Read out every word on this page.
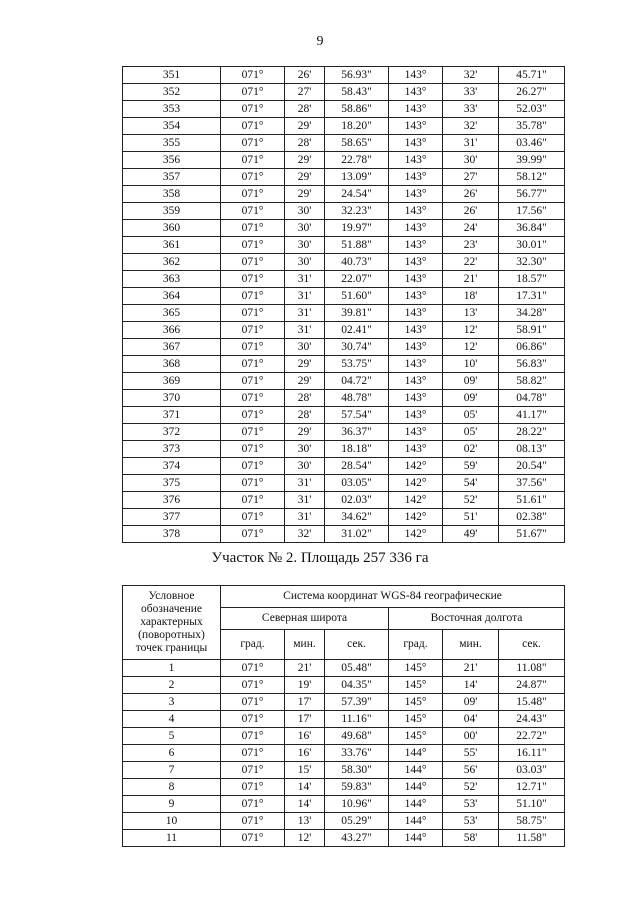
9
351	071°	26'	56.93"	143°	32'	45.71"
352	071°	27'	58.43"	143°	33'	26.27"
353	071°	28'	58.86"	143°	33'	52.03"
354	071°	29'	18.20"	143°	32'	35.78"
355	071°	28'	58.65"	143°	31'	03.46"
356	071°	29'	22.78"	143°	30'	39.99"
357	071°	29'	13.09"	143°	27'	58.12"
358	071°	29'	24.54"	143°	26'	56.77"
359	071°	30'	32.23"	143°	26'	17.56"
360	071°	30'	19.97"	143°	24'	36.84"
361	071°	30'	51.88"	143°	23'	30.01"
362	071°	30'	40.73"	143°	22'	32.30"
363	071°	31'	22.07"	143°	21'	18.57"
364	071°	31'	51.60"	143°	18'	17.31"
365	071°	31'	39.81"	143°	13'	34.28"
366	071°	31'	02.41"	143°	12'	58.91"
367	071°	30'	30.74"	143°	12'	06.86"
368	071°	29'	53.75"	143°	10'	56.83"
369	071°	29'	04.72"	143°	09'	58.82"
370	071°	28'	48.78"	143°	09'	04.78"
371	071°	28'	57.54"	143°	05'	41.17"
372	071°	29'	36.37"	143°	05'	28.22"
373	071°	30'	18.18"	143°	02'	08.13"
374	071°	30'	28.54"	142°	59'	20.54"
375	071°	31'	03.05"	142°	54'	37.56"
376	071°	31'	02.03"	142°	52'	51.61"
377	071°	31'	34.62"	142°	51'	02.38"
378	071°	32'	31.02"	142°	49'	51.67"
Участок № 2. Площадь 257 336 га
Условное обозначение характерных (поворотных) точек границы	Система координат WGS-84 географические					
	Северная широта			Восточная долгота		
	град.	мин.	сек.	град.	мин.	сек.
1	071°	21'	05.48"	145°	21'	11.08"
2	071°	19'	04.35"	145°	14'	24.87"
3	071°	17'	57.39"	145°	09'	15.48"
4	071°	17'	11.16"	145°	04'	24.43"
5	071°	16'	49.68"	145°	00'	22.72"
6	071°	16'	33.76"	144°	55'	16.11"
7	071°	15'	58.30"	144°	56'	03.03"
8	071°	14'	59.83"	144°	52'	12.71"
9	071°	14'	10.96"	144°	53'	51.10"
10	071°	13'	05.29"	144°	53'	58.75"
11	071°	12'	43.27"	144°	58'	11.58"
